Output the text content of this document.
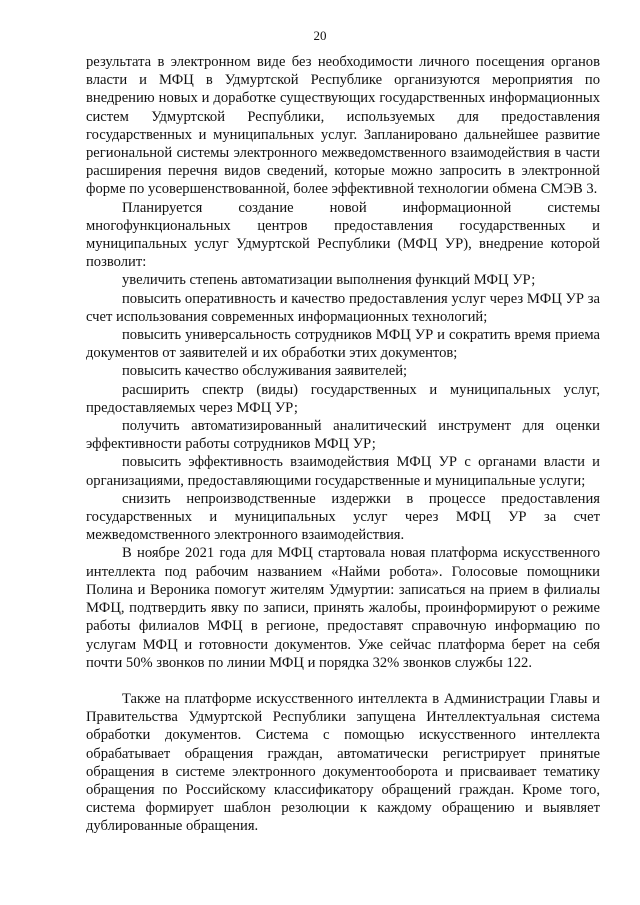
20

результата в электронном виде без необходимости личного посещения органов власти и МФЦ в Удмуртской Республике организуются мероприятия по внедрению новых и доработке существующих государственных информационных систем Удмуртской Республики, используемых для предоставления государственных и муниципальных услуг. Запланировано дальнейшее развитие региональной системы электронного межведомственного взаимодействия в части расширения перечня видов сведений, которые можно запросить в электронной форме по усовершенствованной, более эффективной технологии обмена СМЭВ 3.

Планируется создание новой информационной системы многофункциональных центров предоставления государственных и муниципальных услуг Удмуртской Республики (МФЦ УР), внедрение которой позволит:

увеличить степень автоматизации выполнения функций МФЦ УР;

повысить оперативность и качество предоставления услуг через МФЦ УР за счет использования современных информационных технологий;

повысить универсальность сотрудников МФЦ УР и сократить время приема документов от заявителей и их обработки этих документов;

повысить качество обслуживания заявителей;

расширить спектр (виды) государственных и муниципальных услуг, предоставляемых через МФЦ УР;

получить автоматизированный аналитический инструмент для оценки эффективности работы сотрудников МФЦ УР;

повысить эффективность взаимодействия МФЦ УР с органами власти и организациями, предоставляющими государственные и муниципальные услуги;

снизить непроизводственные издержки в процессе предоставления государственных и муниципальных услуг через МФЦ УР за счет межведомственного электронного взаимодействия.

В ноябре 2021 года для МФЦ стартовала новая платформа искусственного интеллекта под рабочим названием «Найми робота». Голосовые помощники Полина и Вероника помогут жителям Удмуртии: записаться на прием в филиалы МФЦ, подтвердить явку по записи, принять жалобы, проинформируют о режиме работы филиалов МФЦ в регионе, предоставят справочную информацию по услугам МФЦ и готовности документов. Уже сейчас платформа берет на себя почти 50% звонков по линии МФЦ и порядка 32% звонков службы 122.

Также на платформе искусственного интеллекта в Администрации Главы и Правительства Удмуртской Республики запущена Интеллектуальная система обработки документов. Система с помощью искусственного интеллекта обрабатывает обращения граждан, автоматически регистрирует принятые обращения в системе электронного документооборота и присваивает тематику обращения по Российскому классификатору обращений граждан. Кроме того, система формирует шаблон резолюции к каждому обращению и выявляет дублированные обращения.
